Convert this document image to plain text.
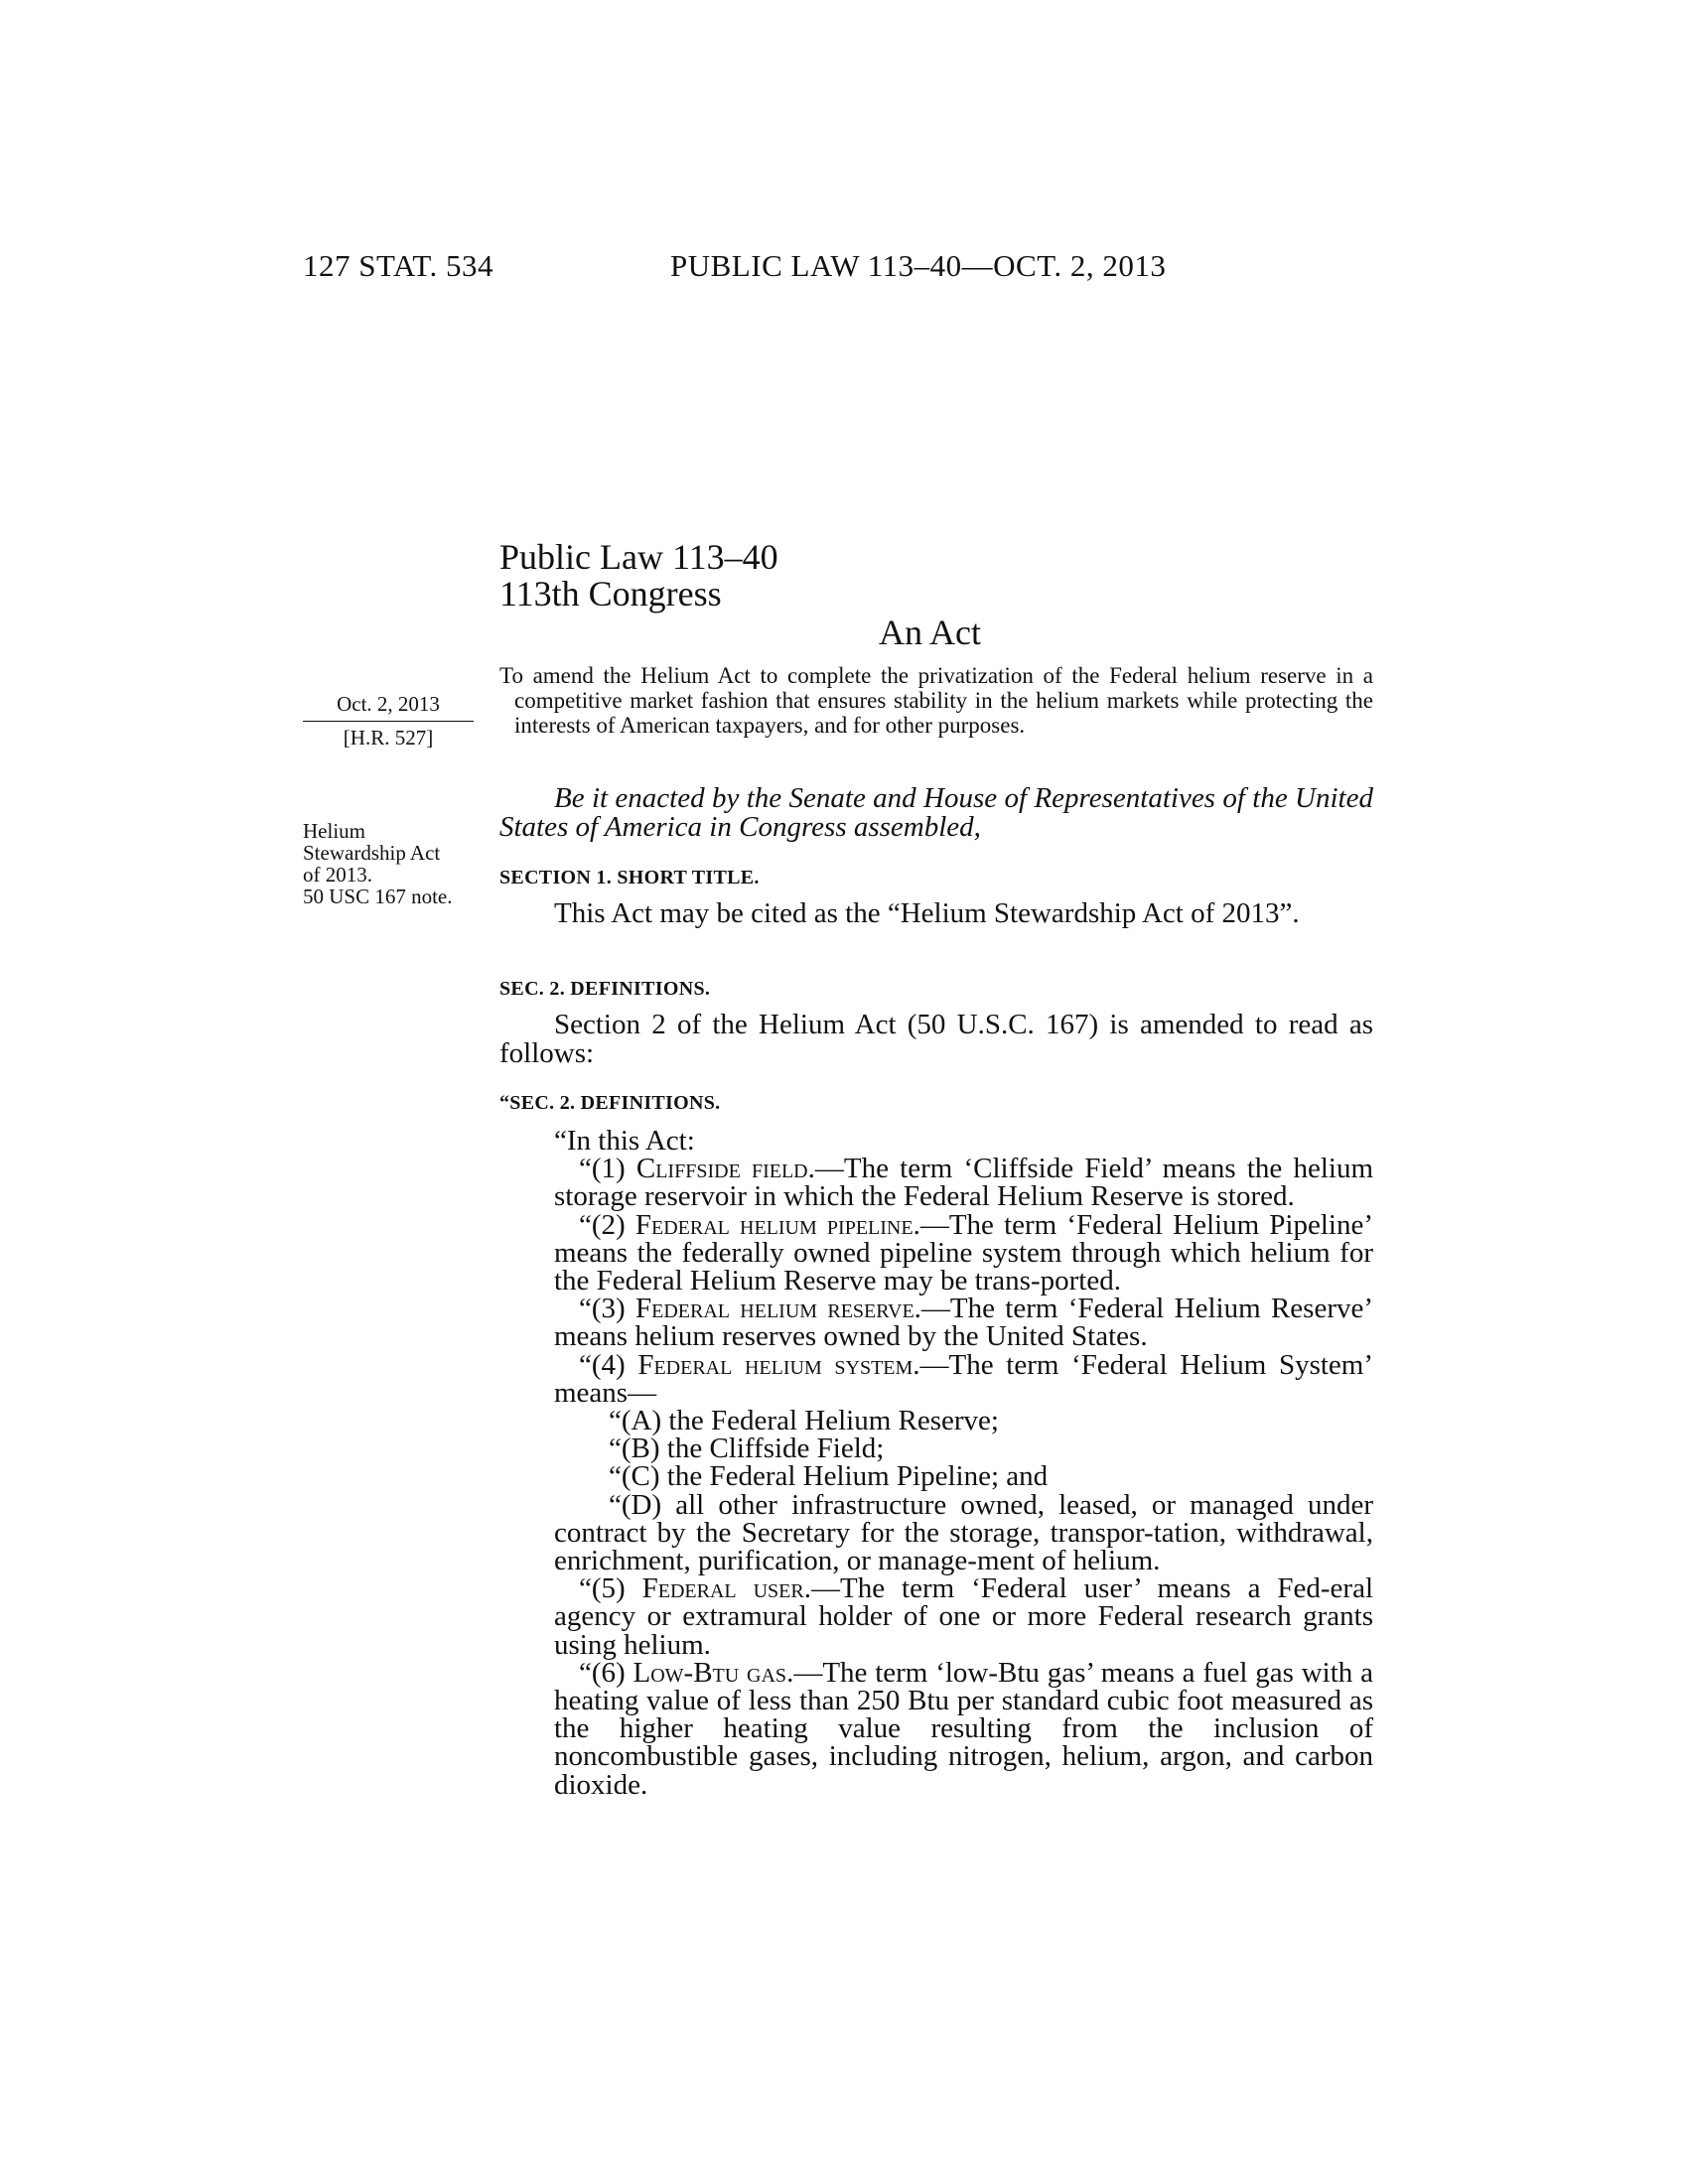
127 STAT. 534	PUBLIC LAW 113–40—OCT. 2, 2013
Public Law 113–40
113th Congress
An Act
Oct. 2, 2013
[H.R. 527]
Helium
Stewardship Act
of 2013.
50 USC 167 note.
To amend the Helium Act to complete the privatization of the Federal helium reserve in a competitive market fashion that ensures stability in the helium markets while protecting the interests of American taxpayers, and for other purposes.
Be it enacted by the Senate and House of Representatives of the United States of America in Congress assembled,
SECTION 1. SHORT TITLE.
This Act may be cited as the “Helium Stewardship Act of 2013”.
SEC. 2. DEFINITIONS.
Section 2 of the Helium Act (50 U.S.C. 167) is amended to read as follows:
“SEC. 2. DEFINITIONS.
“In this Act:
“(1) Cliffside field.—The term ‘Cliffside Field’ means the helium storage reservoir in which the Federal Helium Reserve is stored.
“(2) Federal helium pipeline.—The term ‘Federal Helium Pipeline’ means the federally owned pipeline system through which helium for the Federal Helium Reserve may be trans-ported.
“(3) Federal helium reserve.—The term ‘Federal Helium Reserve’ means helium reserves owned by the United States.
“(4) Federal helium system.—The term ‘Federal Helium System’ means—
“(A) the Federal Helium Reserve;
“(B) the Cliffside Field;
“(C) the Federal Helium Pipeline; and
“(D) all other infrastructure owned, leased, or managed under contract by the Secretary for the storage, transpor-tation, withdrawal, enrichment, purification, or manage-ment of helium.
“(5) Federal user.—The term ‘Federal user’ means a Fed-eral agency or extramural holder of one or more Federal research grants using helium.
“(6) Low-Btu gas.—The term ‘low-Btu gas’ means a fuel gas with a heating value of less than 250 Btu per standard cubic foot measured as the higher heating value resulting from the inclusion of noncombustible gases, including nitrogen, helium, argon, and carbon dioxide.
